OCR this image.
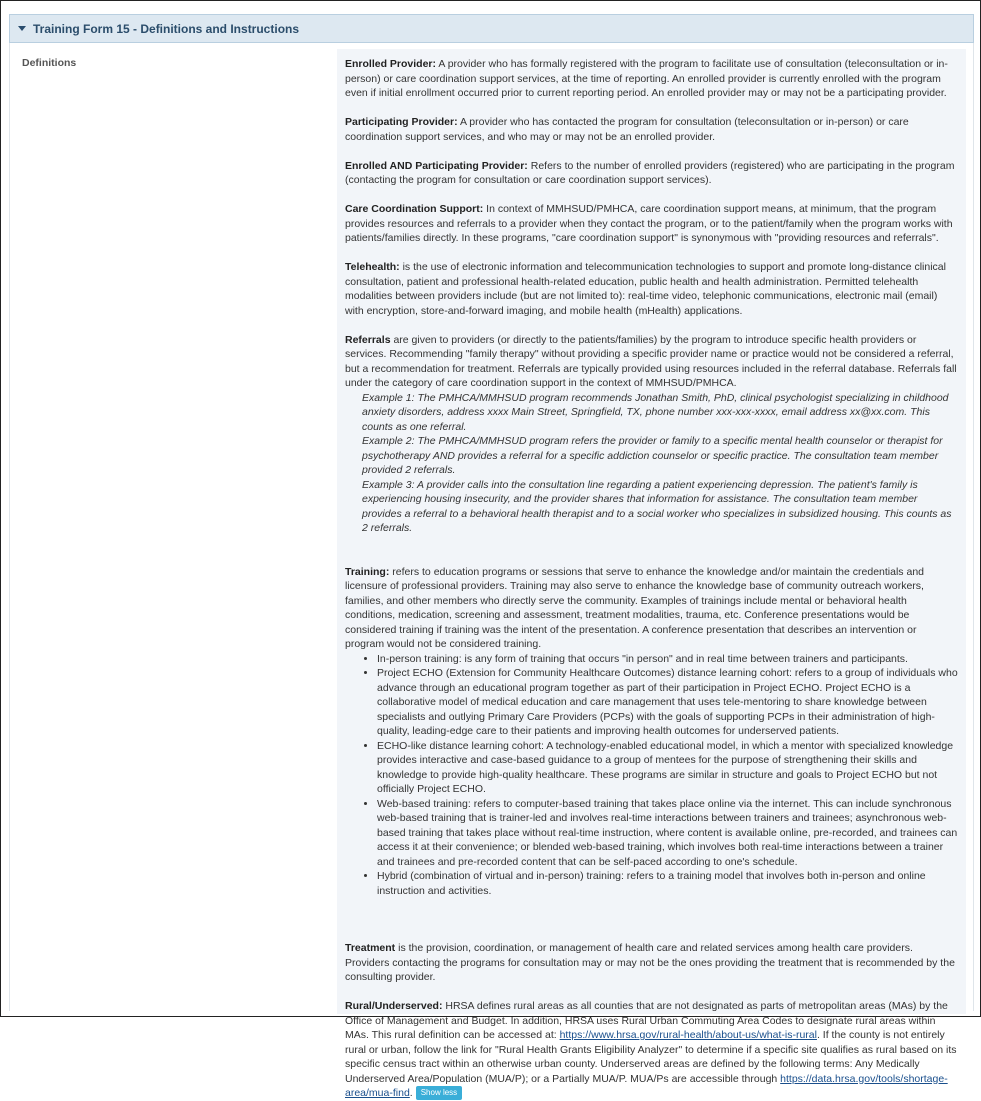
Training Form 15 - Definitions and Instructions
Definitions	Enrolled Provider: A provider who has formally registered with the program to facilitate use of consultation (teleconsultation or in-person) or care coordination support services, at the time of reporting. An enrolled provider is currently enrolled with the program even if initial enrollment occurred prior to current reporting period. An enrolled provider may or may not be a participating provider.

Participating Provider: A provider who has contacted the program for consultation (teleconsultation or in-person) or care coordination support services, and who may or may not be an enrolled provider.

Enrolled AND Participating Provider: Refers to the number of enrolled providers (registered) who are participating in the program (contacting the program for consultation or care coordination support services).

Care Coordination Support: In context of MMHSUD/PMHCA, care coordination support means, at minimum, that the program provides resources and referrals to a provider when they contact the program, or to the patient/family when the program works with patients/families directly. In these programs, "care coordination support" is synonymous with "providing resources and referrals".

Telehealth: is the use of electronic information and telecommunication technologies to support and promote long-distance clinical consultation, patient and professional health-related education, public health and health administration. Permitted telehealth modalities between providers include (but are not limited to): real-time video, telephonic communications, electronic mail (email) with encryption, store-and-forward imaging, and mobile health (mHealth) applications.

Referrals are given to providers (or directly to the patients/families) by the program to introduce specific health providers or services. Recommending "family therapy" without providing a specific provider name or practice would not be considered a referral, but a recommendation for treatment. Referrals are typically provided using resources included in the referral database. Referrals fall under the category of care coordination support in the context of MMHSUD/PMHCA.
Example 1: The PMHCA/MMHSUD program recommends Jonathan Smith, PhD, clinical psychologist specializing in childhood anxiety disorders, address xxxx Main Street, Springfield, TX, phone number xxx-xxx-xxxx, email address xx@xx.com. This counts as one referral.
Example 2: The PMHCA/MMHSUD program refers the provider or family to a specific mental health counselor or therapist for psychotherapy AND provides a referral for a specific addiction counselor or specific practice. The consultation team member provided 2 referrals.
Example 3: A provider calls into the consultation line regarding a patient experiencing depression. The patient's family is experiencing housing insecurity, and the provider shares that information for assistance. The consultation team member provides a referral to a behavioral health therapist and to a social worker who specializes in subsidized housing. This counts as 2 referrals.
Training: refers to education programs or sessions that serve to enhance the knowledge and/or maintain the credentials and licensure of professional providers. Training may also serve to enhance the knowledge base of community outreach workers, families, and other members who directly serve the community. Examples of trainings include mental or behavioral health conditions, medication, screening and assessment, treatment modalities, trauma, etc. Conference presentations would be considered training if training was the intent of the presentation. A conference presentation that describes an intervention or program would not be considered training.
• In-person training: is any form of training that occurs "in person" and in real time between trainers and participants.
• Project ECHO (Extension for Community Healthcare Outcomes) distance learning cohort: refers to a group of individuals who advance through an educational program together as part of their participation in Project ECHO. Project ECHO is a collaborative model of medical education and care management that uses tele-mentoring to share knowledge between specialists and outlying Primary Care Providers (PCPs) with the goals of supporting PCPs in their administration of high-quality, leading-edge care to their patients and improving health outcomes for underserved patients.
• ECHO-like distance learning cohort: A technology-enabled educational model, in which a mentor with specialized knowledge provides interactive and case-based guidance to a group of mentees for the purpose of strengthening their skills and knowledge to provide high-quality healthcare. These programs are similar in structure and goals to Project ECHO but not officially Project ECHO.
• Web-based training: refers to computer-based training that takes place online via the internet. This can include synchronous web-based training that is trainer-led and involves real-time interactions between trainers and trainees; asynchronous web-based training that takes place without real-time instruction, where content is available online, pre-recorded, and trainees can access it at their convenience; or blended web-based training, which involves both real-time interactions between a trainer and trainees and pre-recorded content that can be self-paced according to one's schedule.
• Hybrid (combination of virtual and in-person) training: refers to a training model that involves both in-person and online instruction and activities.

Treatment is the provision, coordination, or management of health care and related services among health care providers. Providers contacting the programs for consultation may or may not be the ones providing the treatment that is recommended by the consulting provider.

Rural/Underserved: HRSA defines rural areas as all counties that are not designated as parts of metropolitan areas (MAs) by the Office of Management and Budget. In addition, HRSA uses Rural Urban Commuting Area Codes to designate rural areas within MAs. This rural definition can be accessed at: https://www.hrsa.gov/rural-health/about-us/what-is-rural. If the county is not entirely rural or urban, follow the link for "Rural Health Grants Eligibility Analyzer" to determine if a specific site qualifies as rural based on its specific census tract within an otherwise urban county. Underserved areas are defined by the following terms: Any Medically Underserved Area/Population (MUA/P); or a Partially MUA/P. MUA/Ps are accessible through https://data.hrsa.gov/tools/shortage-area/mua-find. Show less
